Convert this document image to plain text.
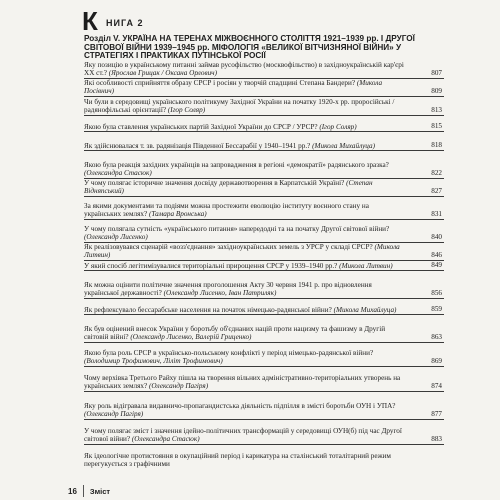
К НИГА 2
Розділ V. УКРАЇНА НА ТЕРЕНАХ МІЖВОЄННОГО СТОЛІТТЯ 1921–1939 рр. І ДРУГОЇ СВІТОВОЇ ВІЙНИ 1939–1945 рр. МІФОЛОГІЯ «ВЕЛИКОЇ ВІТЧИЗНЯНОЇ ВІЙНИ» У СТРАТЕГІЯХ І ПРАКТИКАХ ПУТІНСЬКОЇ РОСІЇ
Яку позицію в українському питанні займав русофільство (москвофільство) в західноукраїнській кар'єрі ХХ ст.? (Ярослав Грицак / Оксана Орлович)	807
Які особливості сприйняття образу СРСР і росіян у творчій спадщині Степана Бандери? (Микола Посівнич)	809
Чи були в середовищі українського політикуму Західної України на початку 1920-х рр. проросійські / радянофільські орієнтації? (Ігор Соляр)	813
Якою була ставлення українських партій Західної України до СРСР / УРСР? (Ігор Соляр)	815
Як здійснювалася т. зв. радянізація Південної Бессарабії у 1940–1941 рр.? (Микола Михайлуца)	818
Якою була реакція західних українців на запровадження в регіоні «демократії» радянського зразка? (Олександра Стасюк)	822
У чому полягає історичне значення досвіду державотворення в Карпатській Україні? (Степан Відняпський)	827
За якими документами та подіями можна простежити еволюцію інституту воєнного стану на українських землях? (Тамара Вронська)	831
У чому полягала сутність «українського питання» напередодні та на початку Другої світової війни? (Олександр Лисенко)	840
Як реалізовувався сценарій «возз'єднання» західноукраїнських земель з УРСР у складі СРСР? (Микола Литвин)	846
У який спосіб легітимізувалися територіальні прирощення СРСР у 1939–1940 рр.? (Микола Литвин)	849
Як можна оцінити політичне значення проголошення Акту 30 червня 1941 р. про відновлення української державності? (Олександр Лисенко, Іван Патриляк)	856
Як рефлексувало бессарабське населення на початок німецько-радянської війни? (Микола Михайлуца)	859
Як був оцінений внесок України у боротьбу об'єднаних націй проти нацизму та фашизму в Другій світовій війні? (Олександр Лисенко, Валерій Гриценко)	863
Якою була роль СРСР в українсько-польському конфлікті у період німецько-радянської війни? (Володимир Трофимович, Ліліт Трофимович)	869
Чому верхівка Третього Райху пішла на творення вільних адміністративно-територіальних утворень на українських землях? (Олександр Пагіря)	874
Яку роль відігравала видавничо-пропагандистська діяльність підпілля в змісті боротьби ОУН і УПА? (Олександр Пагіря)	877
У чому полягає зміст і значення ідейно-політичних трансформацій у середовищі ОУН(б) під час Другої світової війни? (Олександра Стасюк)	883
Як ідеологічне протистояння в окупаційний період і карикатура на сталінський тоталітарний режим перегукується з графічними
16	Зміст
